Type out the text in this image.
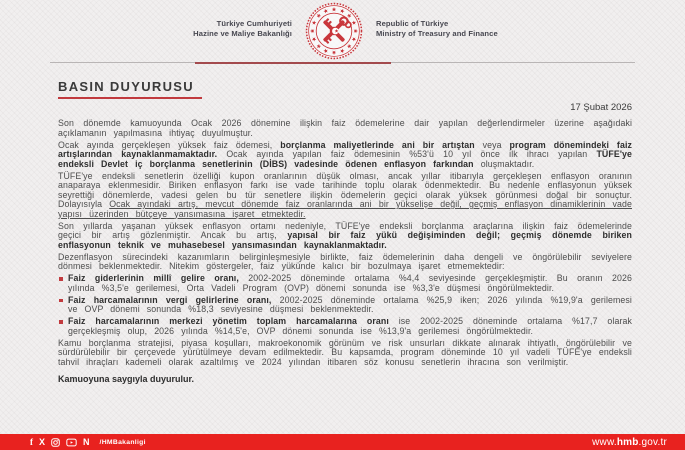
Türkiye Cumhuriyeti
Hazine ve Maliye Bakanlığı
Republic of Türkiye
Ministry of Treasury and Finance
BASIN DUYURUSU
17 Şubat 2026

Son dönemde kamuoyunda Ocak 2026 dönemine ilişkin faiz ödemelerine dair yapılan değerlendirmeler üzerine aşağıdaki açıklamanın yapılmasına ihtiyaç duyulmuştur.

Ocak ayında gerçekleşen yüksek faiz ödemesi, borçlanma maliyetlerinde ani bir artıştan veya program dönemindeki faiz artışlarından kaynaklanmamaktadır. Ocak ayında yapılan faiz ödemesinin %53'ü 10 yıl önce ilk ihracı yapılan TÜFE'ye endeksli Devlet iç borçlanma senetlerinin (DİBS) vadesinde ödenen enflasyon farkından oluşmaktadır.

TÜFE'ye endeksli senetlerin özelliği kupon oranlarının düşük olması, ancak yıllar itibarıyla gerçekleşen enflasyon oranının anaparaya eklenmesidir. Biriken enflasyon farkı ise vade tarihinde toplu olarak ödenmektedir. Bu nedenle enflasyonun yüksek seyrettiği dönemlerde, vadesi gelen bu tür senetlere ilişkin ödemelerin geçici olarak yüksek görünmesi doğal bir sonuçtur. Dolayısıyla Ocak ayındaki artış, mevcut dönemde faiz oranlarında ani bir yükselişe değil, geçmiş enflasyon dinamiklerinin vade yapısı üzerinden bütçeye yansımasına işaret etmektedir.

Son yıllarda yaşanan yüksek enflasyon ortamı nedeniyle, TÜFE'ye endeksli borçlanma araçlarına ilişkin faiz ödemelerinde geçici bir artış gözlenmiştir. Ancak bu artış, yapısal bir faiz yükü değişiminden değil; geçmiş dönemde biriken enflasyonun teknik ve muhasebesel yansımasından kaynaklanmaktadır.

Dezenflasyon sürecindeki kazanımların belirginleşmesiyle birlikte, faiz ödemelerinin daha dengeli ve öngörülebilir seviyelere dönmesi beklenmektedir. Nitekim göstergeler, faiz yükünde kalıcı bir bozulmaya işaret etmemektedir:

Faiz giderlerinin millî gelire oranı, 2002-2025 döneminde ortalama %4,4 seviyesinde gerçekleşmiştir. Bu oranın 2026 yılında %3,5'e gerilemesi, Orta Vadeli Program (OVP) dönemi sonunda ise %3,3'e düşmesi öngörülmektedir.
Faiz harcamalarının vergi gelirlerine oranı, 2002-2025 döneminde ortalama %25,9 iken; 2026 yılında %19,9'a gerilemesi ve OVP dönemi sonunda %18,3 seviyesine düşmesi beklenmektedir.
Faiz harcamalarının merkezi yönetim toplam harcamalarına oranı ise 2002-2025 döneminde ortalama %17,7 olarak gerçekleşmiş olup, 2026 yılında %14,5'e, OVP dönemi sonunda ise %13,9'a gerilemesi öngörülmektedir.

Kamu borçlanma stratejisi, piyasa koşulları, makroekonomik görünüm ve risk unsurları dikkate alınarak ihtiyatlı, öngörülebilir ve sürdürülebilir bir çerçevede yürütülmeye devam edilmektedir. Bu kapsamda, program döneminde 10 yıl vadeli TÜFE'ye endeksli tahvil ihraçları kademeli olarak azaltılmış ve 2024 yılından itibaren söz konusu senetlerin ihracına son verilmiştir.

Kamuoyuna saygıyla duyurulur.
f X	N /HMBakanligi	www.hmb.gov.tr
